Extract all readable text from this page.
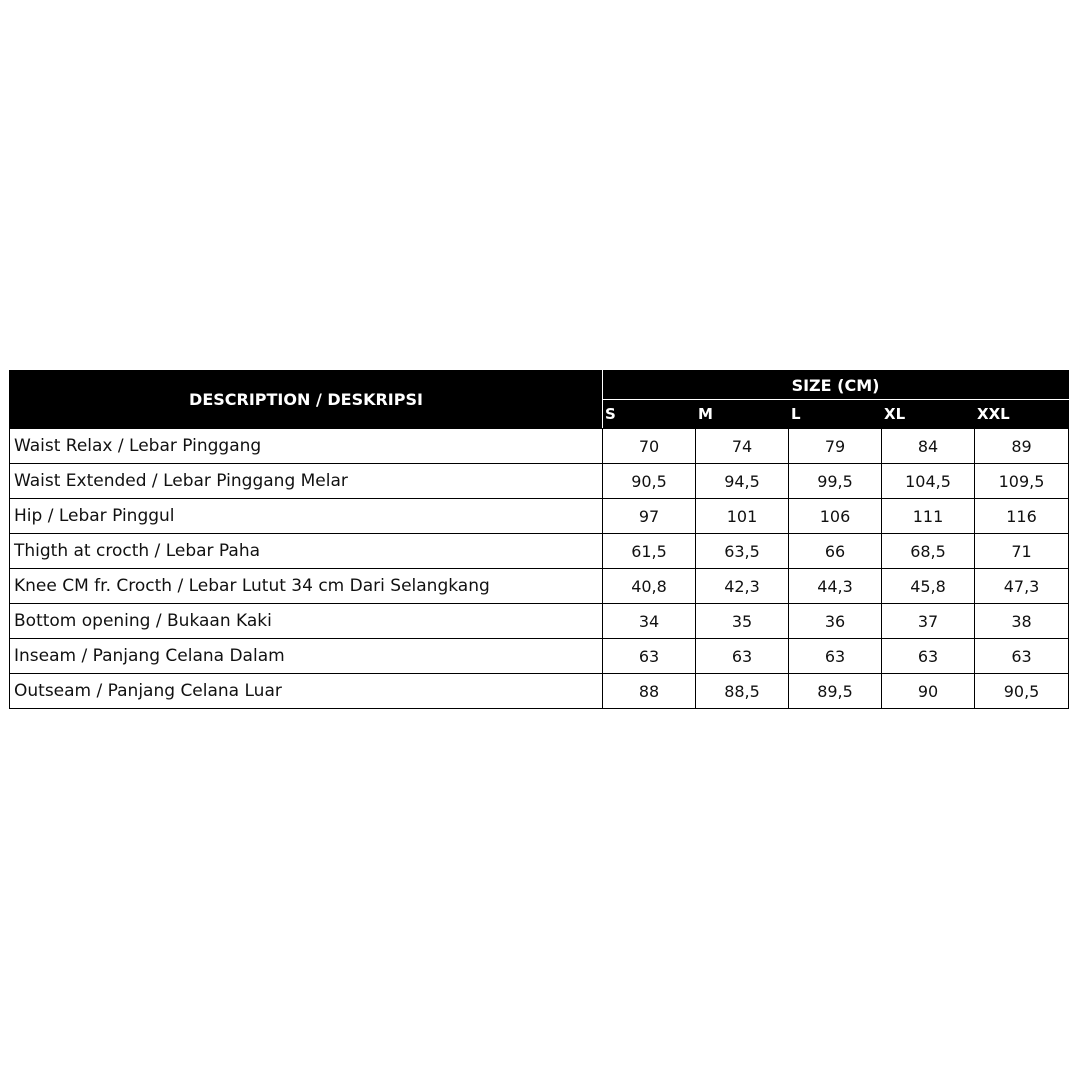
DESCRIPTION / DESKRIPSI	SIZE (CM)				
	S	M	L	XL	XXL
Waist Relax / Lebar Pinggang	70	74	79	84	89
Waist Extended / Lebar Pinggang Melar	90,5	94,5	99,5	104,5	109,5
Hip / Lebar Pinggul	97	101	106	111	116
Thigth at crocth / Lebar Paha	61,5	63,5	66	68,5	71
Knee CM fr. Crocth / Lebar Lutut 34 cm Dari Selangkang	40,8	42,3	44,3	45,8	47,3
Bottom opening / Bukaan Kaki	34	35	36	37	38
Inseam / Panjang Celana Dalam	63	63	63	63	63
Outseam / Panjang Celana Luar	88	88,5	89,5	90	90,5
